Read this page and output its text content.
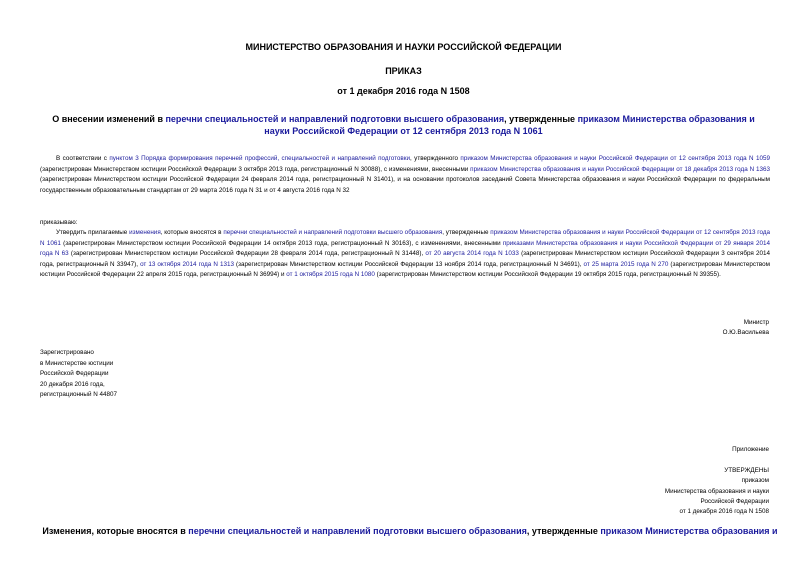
МИНИСТЕРСТВО ОБРАЗОВАНИЯ И НАУКИ РОССИЙСКОЙ ФЕДЕРАЦИИ
ПРИКАЗ
от 1 декабря 2016 года N 1508
О внесении изменений в перечни специальностей и направлений подготовки высшего образования, утвержденные приказом Министерства образования и науки Российской Федерации от 12 сентября 2013 года N 1061
В соответствии с пунктом 3 Порядка формирования перечней профессий, специальностей и направлений подготовки, утвержденного приказом Министерства образования и науки Российской Федерации от 12 сентября 2013 года N 1059 (зарегистрирован Министерством юстиции Российской Федерации 3 октября 2013 года, регистрационный N 30088), с изменениями, внесенными приказом Министерства образования и науки Российской Федерации от 18 декабря 2013 года N 1363 (зарегистрирован Министерством юстиции Российской Федерации 24 февраля 2014 года, регистрационный N 31401), и на основании протоколов заседаний Совета Министерства образования и науки Российской Федерации по федеральным государственным образовательным стандартам от 29 марта 2016 года N 31 и от 4 августа 2016 года N 32
приказываю:
Утвердить прилагаемые изменения, которые вносятся в перечни специальностей и направлений подготовки высшего образования, утвержденные приказом Министерства образования и науки Российской Федерации от 12 сентября 2013 года N 1061 (зарегистрирован Министерством юстиции Российской Федерации 14 октября 2013 года, регистрационный N 30163), с изменениями, внесенными приказами Министерства образования и науки Российской Федерации от 29 января 2014 года N 63 (зарегистрирован Министерством юстиции Российской Федерации 28 февраля 2014 года, регистрационный N 31448), от 20 августа 2014 года N 1033 (зарегистрирован Министерством юстиции Российской Федерации 3 сентября 2014 года, регистрационный N 33947), от 13 октября 2014 года N 1313 (зарегистрирован Министерством юстиции Российской Федерации 13 ноября 2014 года, регистрационный N 34691), от 25 марта 2015 года N 270 (зарегистрирован Министерством юстиции Российской Федерации 22 апреля 2015 года, регистрационный N 36994) и от 1 октября 2015 года N 1080 (зарегистрирован Министерством юстиции Российской Федерации 19 октября 2015 года, регистрационный N 39355).
Министр
О.Ю.Васильева
Зарегистрировано
в Министерстве юстиции
Российской Федерации
20 декабря 2016 года,
регистрационный N 44807
Приложение
УТВЕРЖДЕНЫ
приказом
Министерства образования и науки
Российской Федерации
от 1 декабря 2016 года N 1508
Изменения, которые вносятся в перечни специальностей и направлений подготовки высшего образования, утвержденные приказом Министерства образования и
